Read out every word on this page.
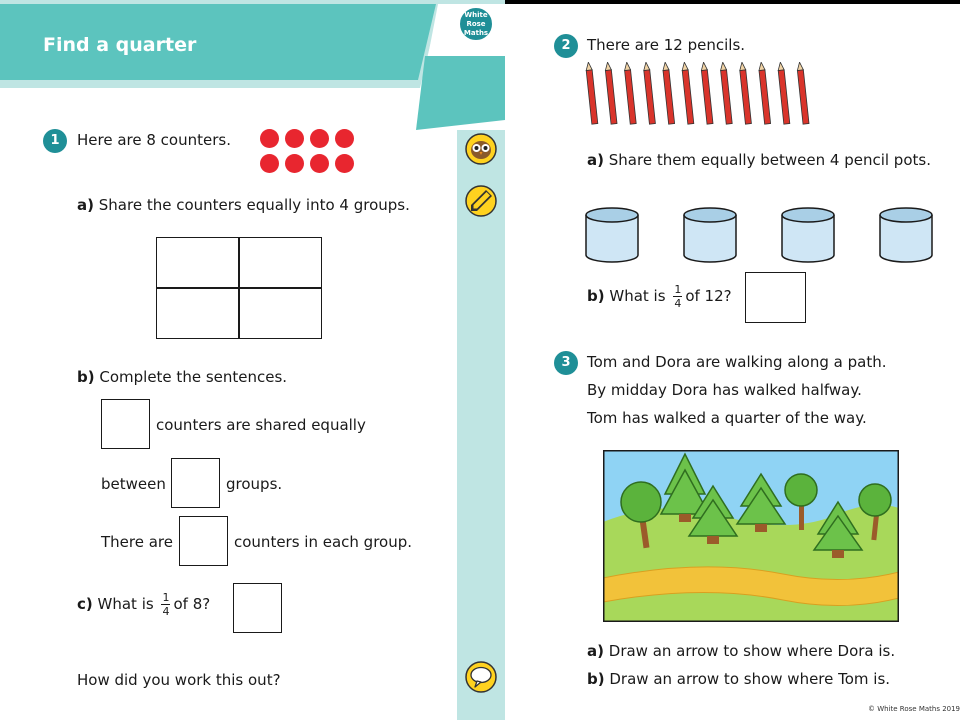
Find a quarter
White
Rose
Maths
1	Here are 8 counters.
a) Share the counters equally into 4 groups.
b) Complete the sentences.
counters are shared equally
between	groups.
There are	counters in each group.
c) What is $\frac{1}{4}$ of 8?
How did you work this out?
2	There are 12 pencils.
a) Share them equally between 4 pencil pots.
b) What is $\frac{1}{4}$ of 12?
3	Tom and Dora are walking along a path.
By midday Dora has walked halfway.
Tom has walked a quarter of the way.
a) Draw an arrow to show where Dora is.
b) Draw an arrow to show where Tom is.
© White Rose Maths 2019
